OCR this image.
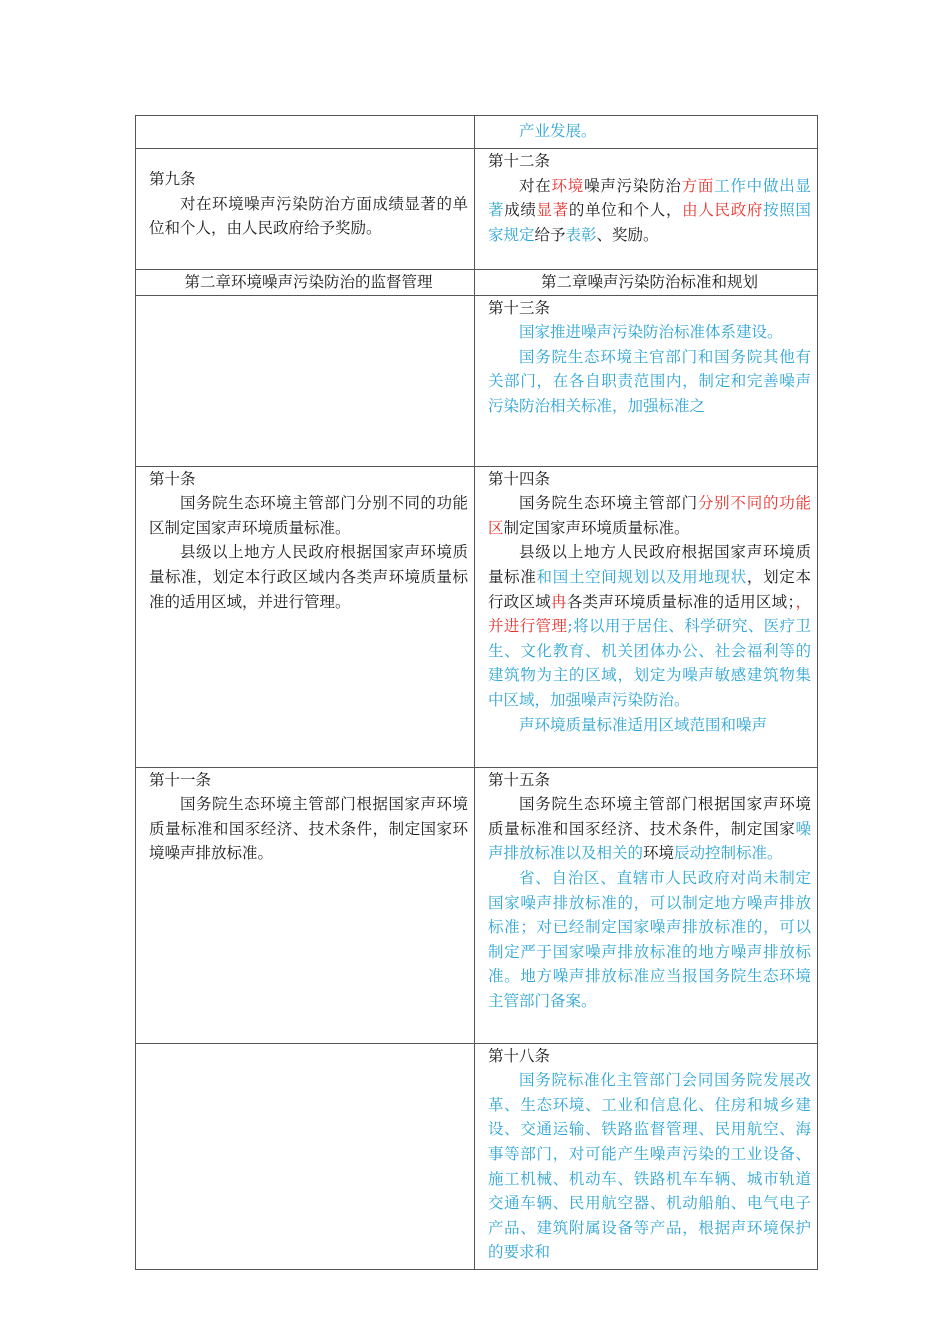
	产业发展。

第九条
对在环境噪声污染防治方面成绩显著的单位和个人，由人民政府给予奖励。	第十二条
对在环境噪声污染防治方面工作中做出显著成绩显著的单位和个人，由人民政府按照国家规定给予表彰、奖励。

第二章环境噪声污染防治的监督管理	第二章噪声污染防治标准和规划

	第十三条
国家推进噪声污染防治标准体系建设。
国务院生态环境主官部门和国务院其他有关部门，在各自职责范围内，制定和完善噪声污染防治相关标准，加强标准之

第十条
国务院生态环境主管部门分别不同的功能区制定国家声环境质量标准。
县级以上地方人民政府根据国家声环境质量标准，划定本行政区域内各类声环境质量标准的适用区域，并进行管理。	第十四条
国务院生态环境主管部门分别不同的功能区制定国家声环境质量标准。
县级以上地方人民政府根据国家声环境质量标准和国土空间规划以及用地现状，划定本行政区域冉各类声环境质量标准的适用区域；，并进行管理;将以用于居住、科学研究、医疗卫生、文化教育、机关团体办公、社会福利等的建筑物为主的区域，划定为噪声敏感建筑物集中区域，加强噪声污染防治。
声环境质量标准适用区域范围和噪声

第十一条
国务院生态环境主管部门根据国家声环境质量标准和国豕经济、技术条件，制定国家环境噪声排放标准。	第十五条
国务院生态环境主管部门根据国家声环境质量标准和国豕经济、技术条件，制定国家噪声排放标准以及相关的环境辰动控制标准。
省、自治区、直辖市人民政府对尚未制定国家噪声排放标准的，可以制定地方噪声排放标准；对已经制定国家噪声排放标准的，可以制定严于国家噪声排放标准的地方噪声排放标准。地方噪声排放标准应当报国务院生态环境主管部门备案。

	第十八条
国务院标准化主管部门会同国务院发展改革、生态环境、工业和信息化、住房和城乡建设、交通运输、铁路监督管理、民用航空、海事等部门，对可能产生噪声污染的工业设备、施工机械、机动车、铁路机车车辆、城市轨道交通车辆、民用航空器、机动船舶、电气电子产品、建筑附属设备等产品，根据声环境保护的要求和
